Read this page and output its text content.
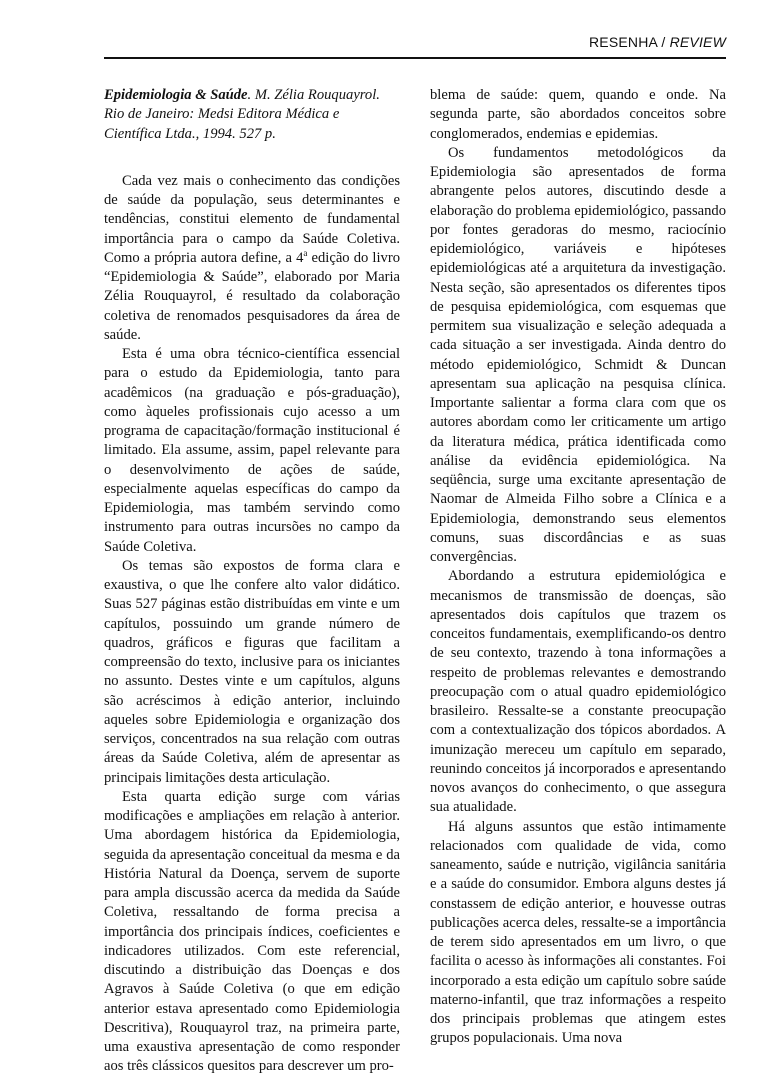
RESENHA / REVIEW
Epidemiologia & Saúde. M. Zélia Rouquayrol. Rio de Janeiro: Medsi Editora Médica e Científica Ltda., 1994. 527 p.

Cada vez mais o conhecimento das condições de saúde da população, seus determinantes e tendências, constitui elemento de fundamental importância para o campo da Saúde Coletiva. Como a própria autora define, a 4$^a$ edição do livro “Epidemiologia & Saúde”, elaborado por Maria Zélia Rouquayrol, é resultado da colaboração coletiva de renomados pesquisadores da área de saúde.

Esta é uma obra técnico-científica essencial para o estudo da Epidemiologia, tanto para acadêmicos (na graduação e pós-graduação), como àqueles profissionais cujo acesso a um programa de capacitação/formação institucional é limitado. Ela assume, assim, papel relevante para o desenvolvimento de ações de saúde, especialmente aquelas específicas do campo da Epidemiologia, mas também servindo como instrumento para outras incursões no campo da Saúde Coletiva.

Os temas são expostos de forma clara e exaustiva, o que lhe confere alto valor didático. Suas 527 páginas estão distribuídas em vinte e um capítulos, possuindo um grande número de quadros, gráficos e figuras que facilitam a compreensão do texto, inclusive para os iniciantes no assunto. Destes vinte e um capítulos, alguns são acréscimos à edição anterior, incluindo aqueles sobre Epidemiologia e organização dos serviços, concentrados na sua relação com outras áreas da Saúde Coletiva, além de apresentar as principais limitações desta articulação.

Esta quarta edição surge com várias modificações e ampliações em relação à anterior. Uma abordagem histórica da Epidemiologia, seguida da apresentação conceitual da mesma e da História Natural da Doença, servem de suporte para ampla discussão acerca da medida da Saúde Coletiva, ressaltando de forma precisa a importância dos principais índices, coeficientes e indicadores utilizados. Com este referencial, discutindo a distribuição das Doenças e dos Agravos à Saúde Coletiva (o que em edição anterior estava apresentado como Epidemiologia Descritiva), Rouquayrol traz, na primeira parte, uma exaustiva apresentação de como responder aos três clássicos quesitos para descrever um pro-

blema de saúde: quem, quando e onde. Na segunda parte, são abordados conceitos sobre conglomerados, endemias e epidemias.

Os fundamentos metodológicos da Epidemiologia são apresentados de forma abrangente pelos autores, discutindo desde a elaboração do problema epidemiológico, passando por fontes geradoras do mesmo, raciocínio epidemiológico, variáveis e hipóteses epidemiológicas até a arquitetura da investigação. Nesta seção, são apresentados os diferentes tipos de pesquisa epidemiológica, com esquemas que permitem sua visualização e seleção adequada a cada situação a ser investigada. Ainda dentro do método epidemiológico, Schmidt & Duncan apresentam sua aplicação na pesquisa clínica. Importante salientar a forma clara com que os autores abordam como ler criticamente um artigo da literatura médica, prática identificada como análise da evidência epidemiológica. Na seqüência, surge uma excitante apresentação de Naomar de Almeida Filho sobre a Clínica e a Epidemiologia, demonstrando seus elementos comuns, suas discordâncias e as suas convergências.

Abordando a estrutura epidemiológica e mecanismos de transmissão de doenças, são apresentados dois capítulos que trazem os conceitos fundamentais, exemplificando-os dentro de seu contexto, trazendo à tona informações a respeito de problemas relevantes e demostrando preocupação com o atual quadro epidemiológico brasileiro. Ressalte-se a constante preocupação com a contextualização dos tópicos abordados. A imunização mereceu um capítulo em separado, reunindo conceitos já incorporados e apresentando novos avanços do conhecimento, o que assegura sua atualidade.

Há alguns assuntos que estão intimamente relacionados com qualidade de vida, como saneamento, saúde e nutrição, vigilância sanitária e a saúde do consumidor. Embora alguns destes já constassem de edição anterior, e houvesse outras publicações acerca deles, ressalte-se a importância de terem sido apresentados em um livro, o que facilita o acesso às informações ali constantes. Foi incorporado a esta edição um capítulo sobre saúde materno-infantil, que traz informações a respeito dos principais problemas que atingem estes grupos populacionais. Uma nova
